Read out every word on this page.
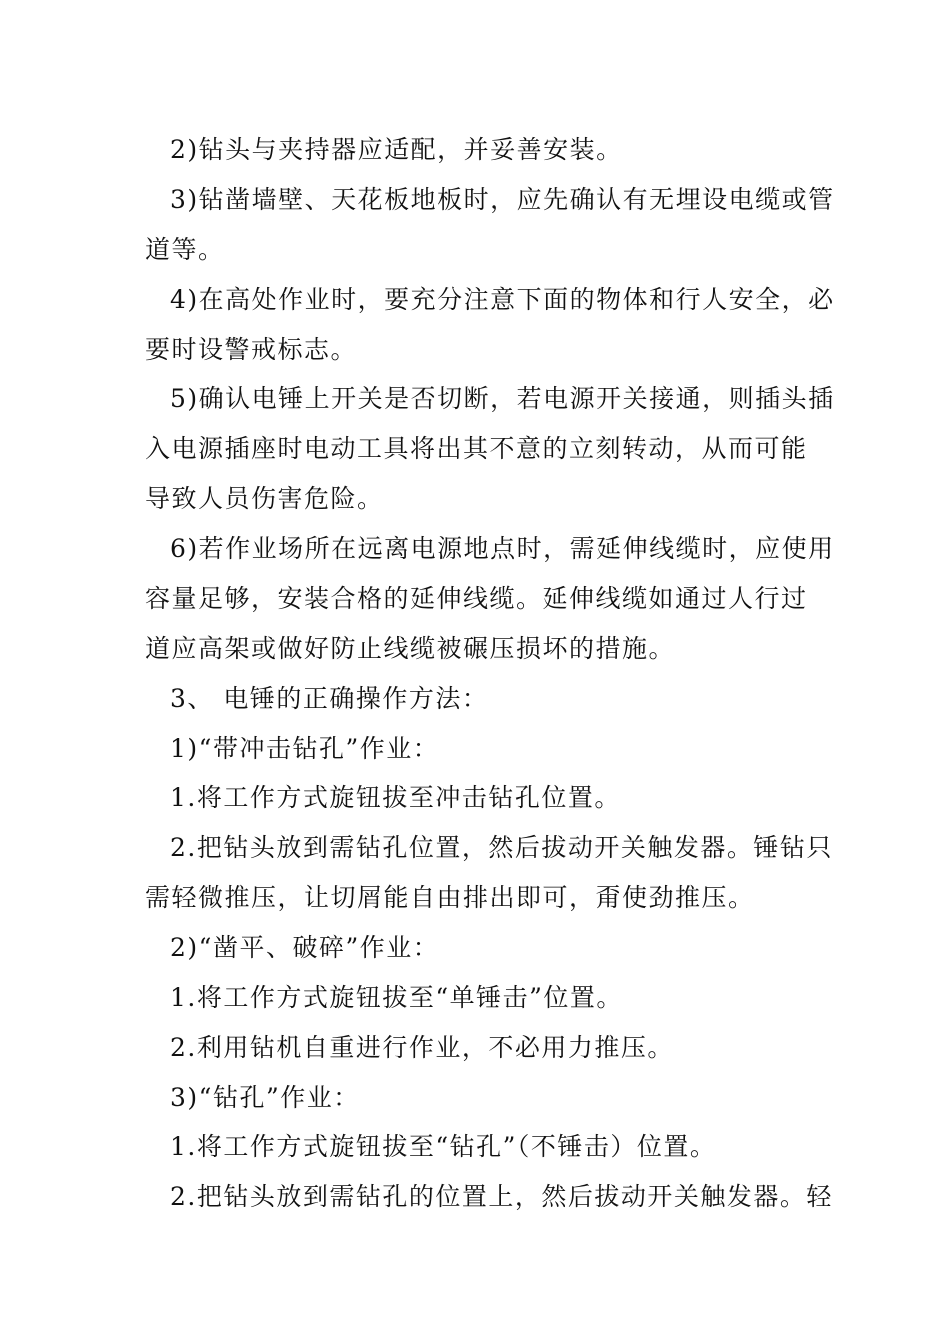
2)钻头与夹持器应适配，并妥善安装。
3)钻凿墙壁、天花板地板时，应先确认有无埋设电缆或管
道等。
4)在高处作业时，要充分注意下面的物体和行人安全，必
要时设警戒标志。
5)确认电锤上开关是否切断，若电源开关接通，则插头插
入电源插座时电动工具将出其不意的立刻转动，从而可能
导致人员伤害危险。
6)若作业场所在远离电源地点时，需延伸线缆时，应使用
容量足够，安装合格的延伸线缆。延伸线缆如通过人行过
道应高架或做好防止线缆被碾压损坏的措施。
3、 电锤的正确操作方法：
1)“带冲击钻孔”作业：
1.将工作方式旋钮拔至冲击钻孔位置。
2.把钻头放到需钻孔位置，然后拔动开关触发器。锤钻只
需轻微推压，让切屑能自由排出即可，甭使劲推压。
2)“凿平、破碎”作业：
1.将工作方式旋钮拔至“单锤击”位置。
2.利用钻机自重进行作业，不必用力推压。
3)“钻孔”作业：
1.将工作方式旋钮拔至“钻孔”（不锤击）位置。
2.把钻头放到需钻孔的位置上，然后拔动开关触发器。轻
